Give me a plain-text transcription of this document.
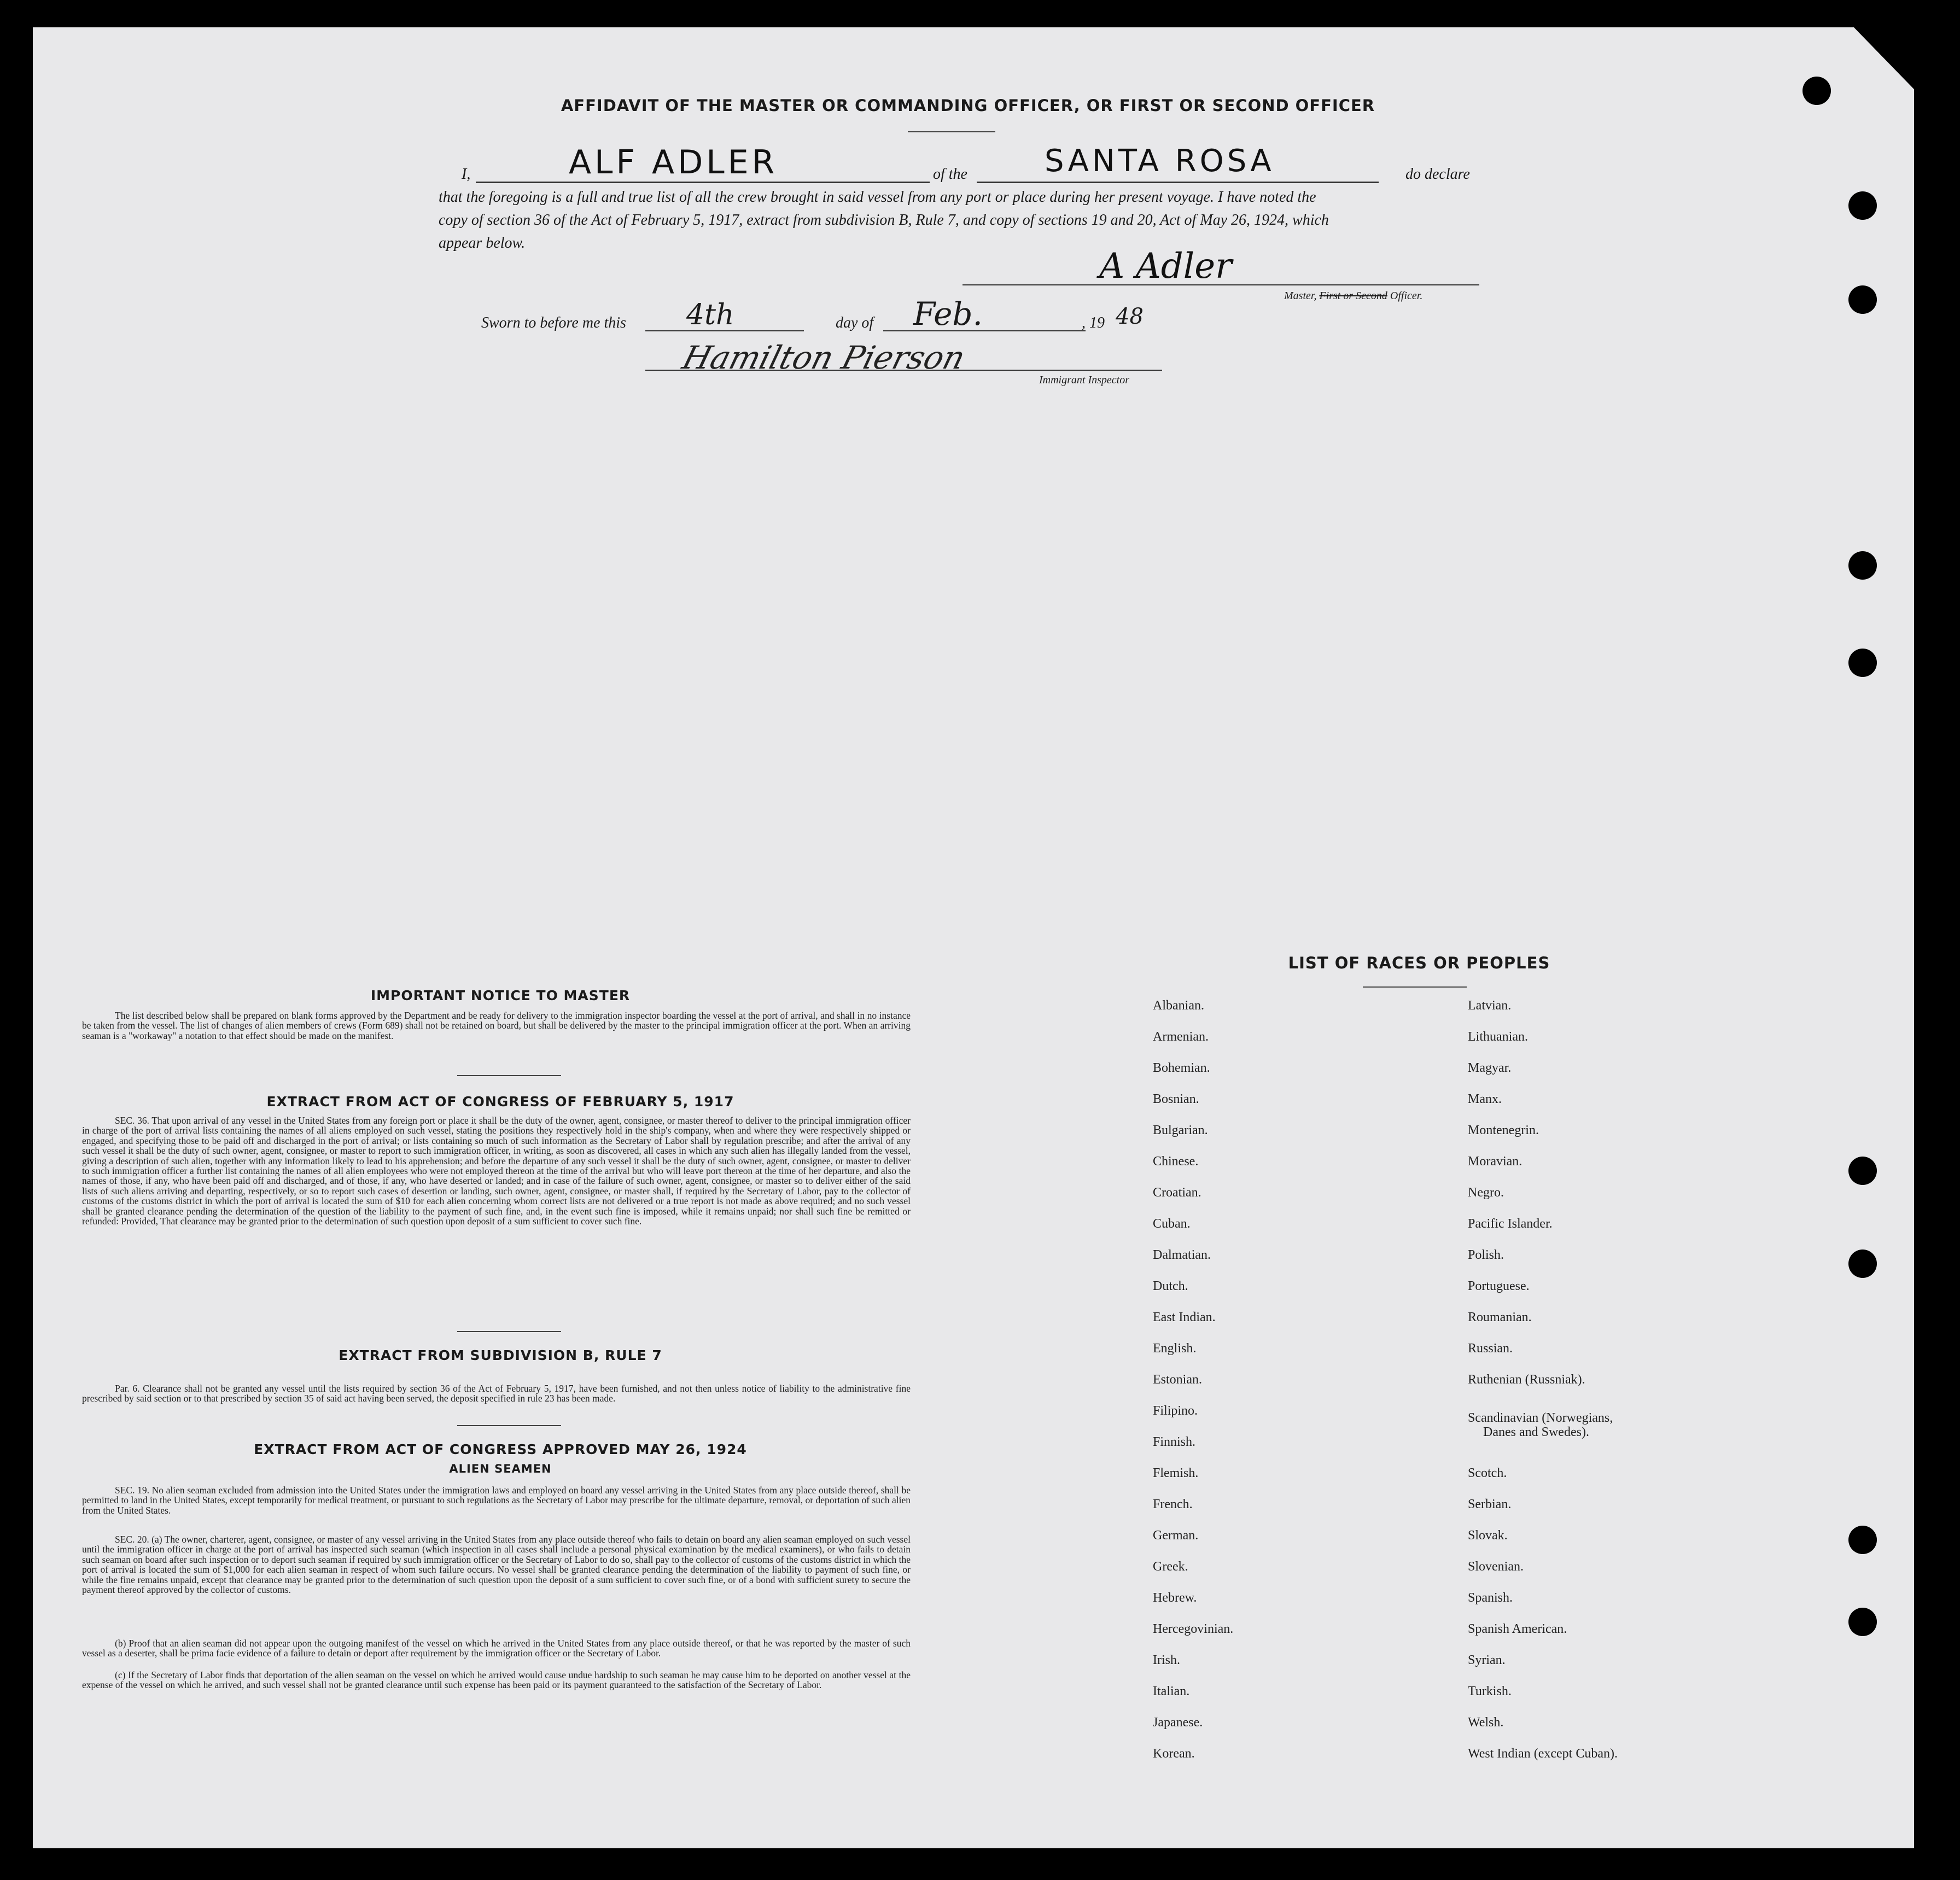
AFFIDAVIT OF THE MASTER OR COMMANDING OFFICER, OR FIRST OR SECOND OFFICER
I,	ALF ADLER	of the	SANTA ROSA	do declare
that the foregoing is a full and true list of all the crew brought in said vessel from any port or place during her present voyage. I have noted the
copy of section 36 of the Act of February 5, 1917, extract from subdivision B, Rule 7, and copy of sections 19 and 20, Act of May 26, 1924, which
appear below.
A Adler
Master, First or Second Officer.
Sworn to before me this 4th	day of Feb.	, 19 48
Hamilton Pierson
Immigrant Inspector
IMPORTANT NOTICE TO MASTER
The list described below shall be prepared on blank forms approved by the Department and be ready for delivery to the immigration inspector boarding the vessel at the port of arrival, and shall in no instance be taken from the vessel. The list of changes of alien members of crews (Form 689) shall not be retained on board, but shall be delivered by the master to the principal immigration officer at the port. When an arriving seaman is a "workaway" a notation to that effect should be made on the manifest.
EXTRACT FROM ACT OF CONGRESS OF FEBRUARY 5, 1917
SEC. 36. That upon arrival of any vessel in the United States from any foreign port or place it shall be the duty of the owner, agent, consignee, or master thereof to deliver to the principal immigration officer in charge of the port of arrival lists containing the names of all aliens employed on such vessel, stating the positions they respectively hold in the ship's company, when and where they were respectively shipped or engaged, and specifying those to be paid off and discharged in the port of arrival; or lists containing so much of such information as the Secretary of Labor shall by regulation prescribe; and after the arrival of any such vessel it shall be the duty of such owner, agent, consignee, or master to report to such immigration officer, in writing, as soon as discovered, all cases in which any such alien has illegally landed from the vessel, giving a description of such alien, together with any information likely to lead to his apprehension; and before the departure of any such vessel it shall be the duty of such owner, agent, consignee, or master to deliver to such immigration officer a further list containing the names of all alien employees who were not employed thereon at the time of the arrival but who will leave port thereon at the time of her departure, and also the names of those, if any, who have been paid off and discharged, and of those, if any, who have deserted or landed; and in case of the failure of such owner, agent, consignee, or master so to deliver either of the said lists of such aliens arriving and departing, respectively, or so to report such cases of desertion or landing, such owner, agent, consignee, or master shall, if required by the Secretary of Labor, pay to the collector of customs of the customs district in which the port of arrival is located the sum of $10 for each alien concerning whom correct lists are not delivered or a true report is not made as above required; and no such vessel shall be granted clearance pending the determination of the question of the liability to the payment of such fine, and, in the event such fine is imposed, while it remains unpaid; nor shall such fine be remitted or refunded: Provided, That clearance may be granted prior to the determination of such question upon deposit of a sum sufficient to cover such fine.
EXTRACT FROM SUBDIVISION B, RULE 7
Par. 6. Clearance shall not be granted any vessel until the lists required by section 36 of the Act of February 5, 1917, have been furnished, and not then unless notice of liability to the administrative fine prescribed by said section or to that prescribed by section 35 of said act having been served, the deposit specified in rule 23 has been made.
EXTRACT FROM ACT OF CONGRESS APPROVED MAY 26, 1924
ALIEN SEAMEN
SEC. 19. No alien seaman excluded from admission into the United States under the immigration laws and employed on board any vessel arriving in the United States from any place outside thereof, shall be permitted to land in the United States, except temporarily for medical treatment, or pursuant to such regulations as the Secretary of Labor may prescribe for the ultimate departure, removal, or deportation of such alien from the United States.
SEC. 20. (a) The owner, charterer, agent, consignee, or master of any vessel arriving in the United States from any place outside thereof who fails to detain on board any alien seaman employed on such vessel until the immigration officer in charge at the port of arrival has inspected such seaman (which inspection in all cases shall include a personal physical examination by the medical examiners), or who fails to detain such seaman on board after such inspection or to deport such seaman if required by such immigration officer or the Secretary of Labor to do so, shall pay to the collector of customs of the customs district in which the port of arrival is located the sum of $1,000 for each alien seaman in respect of whom such failure occurs. No vessel shall be granted clearance pending the determination of the liability to payment of such fine, or while the fine remains unpaid, except that clearance may be granted prior to the determination of such question upon the deposit of a sum sufficient to cover such fine, or of a bond with sufficient surety to secure the payment thereof approved by the collector of customs.
(b) Proof that an alien seaman did not appear upon the outgoing manifest of the vessel on which he arrived in the United States from any place outside thereof, or that he was reported by the master of such vessel as a deserter, shall be prima facie evidence of a failure to detain or deport after requirement by the immigration officer or the Secretary of Labor.
(c) If the Secretary of Labor finds that deportation of the alien seaman on the vessel on which he arrived would cause undue hardship to such seaman he may cause him to be deported on another vessel at the expense of the vessel on which he arrived, and such vessel shall not be granted clearance until such expense has been paid or its payment guaranteed to the satisfaction of the Secretary of Labor.
LIST OF RACES OR PEOPLES
Albanian.
Armenian.
Bohemian.
Bosnian.
Bulgarian.
Chinese.
Croatian.
Cuban.
Dalmatian.
Dutch.
East Indian.
English.
Estonian.
Filipino.
Finnish.
Flemish.
French.
German.
Greek.
Hebrew.
Hercegovinian.
Irish.
Italian.
Japanese.
Korean.
Latvian.
Lithuanian.
Magyar.
Manx.
Montenegrin.
Moravian.
Negro.
Pacific Islander.
Polish.
Portuguese.
Roumanian.
Russian.
Ruthenian (Russniak).
Scandinavian (Norwegians,
Danes and Swedes).
Scotch.
Serbian.
Slovak.
Slovenian.
Spanish.
Spanish American.
Syrian.
Turkish.
Welsh.
West Indian (except Cuban).
